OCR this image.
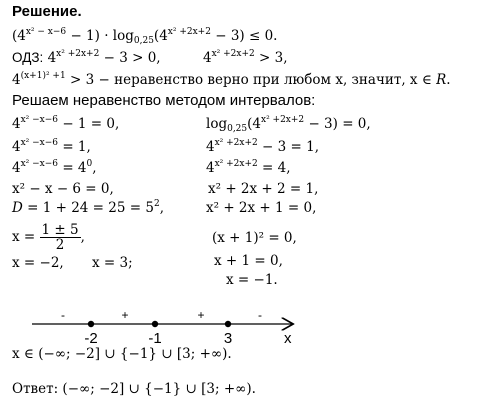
Решение.
$(4^{x^2 - x-6} - 1) \cdot \log_{0,25}(4^{x^2 +2x+2} - 3) \le 0$.
ОДЗ: $4^{x^2 +2x+2} - 3 > 0$,	$4^{x^2 +2x+2} > 3$,
$4^{(x+1)^2 +1} > 3$ − неравенство верно при любом x, значит, x ∈ R.
Решаем неравенство методом интервалов:
$4^{x^2 -x-6} - 1 = 0$,
$4^{x^2 -x-6} = 1$,
$4^{x^2 -x-6} = 4^0$,
x² − x − 6 = 0,
$D = 1 + 24 = 25 = 5^2$,
$x = \frac{1 \pm 5}{2}$ ,
x = −2, x = 3;
$\log_{0,25}(4^{x^2 +2x+2} - 3) = 0$,
$4^{x^2 +2x+2} - 3 = 1$,
$4^{x^2 +2x+2} = 4$,
x² + 2x + 2 = 1,
x² + 2x + 1 = 0,
(x + 1)² = 0,
x + 1 = 0,
x = −1.
-2	-1	3
-	+	+	-
x
x ∈ (−∞; −2] ∪ {−1} ∪ [3; +∞).
Ответ: (−∞; −2] ∪ {−1} ∪ [3; +∞).
